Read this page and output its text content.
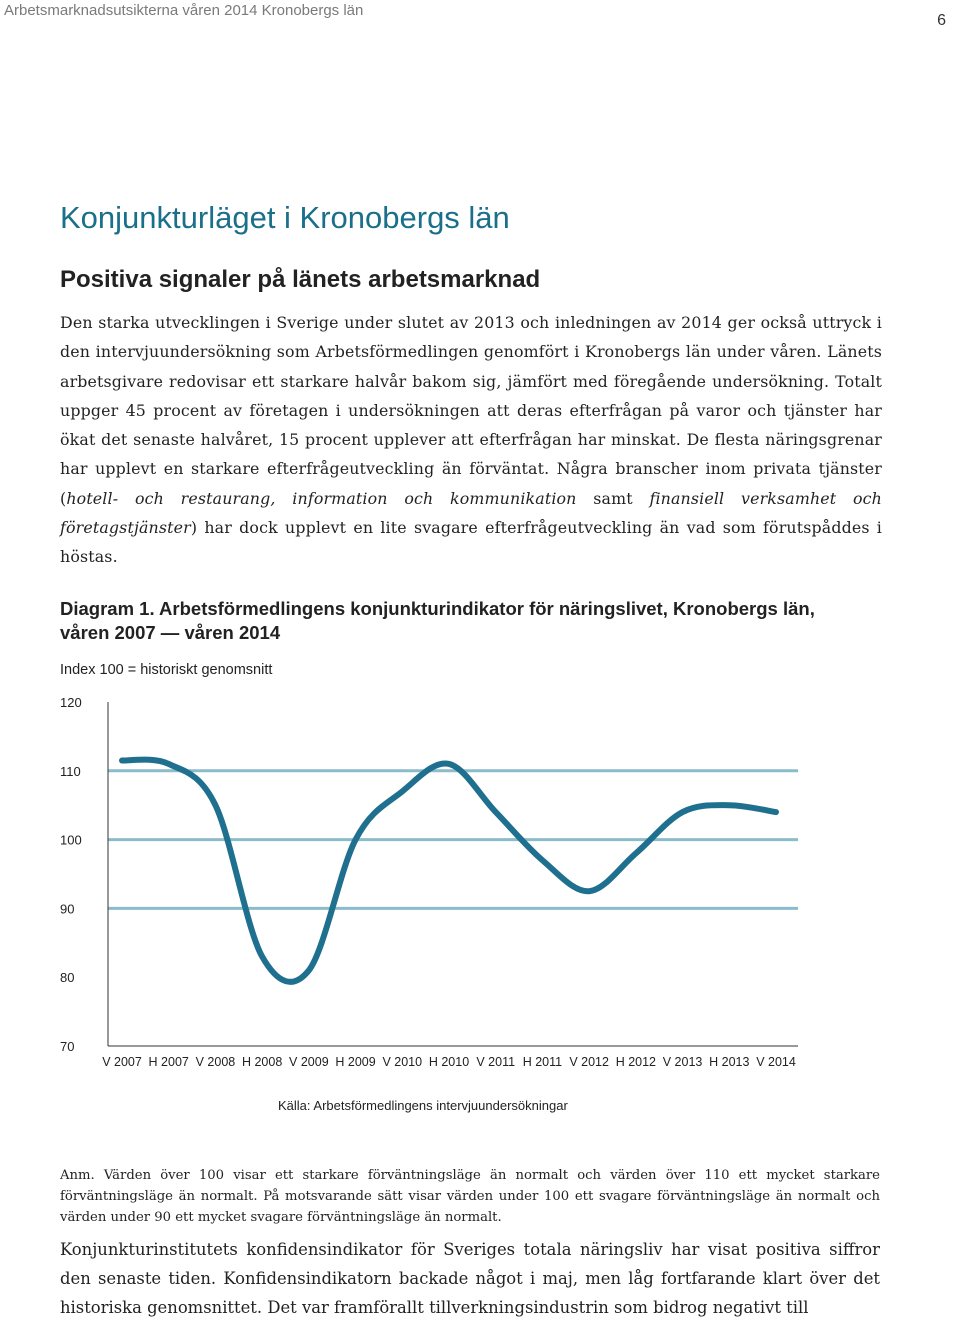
Arbetsmarknadsutsikterna våren 2014 Kronobergs län
6
Konjunkturläget i Kronobergs län
Positiva signaler på länets arbetsmarknad

Den starka utvecklingen i Sverige under slutet av 2013 och inledningen av 2014 ger också uttryck i den intervjuundersökning som Arbetsförmedlingen genomfört i Kronobergs län under våren. Länets arbetsgivare redovisar ett starkare halvår bakom sig, jämfört med föregående undersökning. Totalt uppger 45 procent av företagen i undersökningen att deras efterfrågan på varor och tjänster har ökat det senaste halvåret, 15 procent upplever att efterfrågan har minskat. De flesta näringsgrenar har upplevt en starkare efterfrågeutveckling än förväntat. Några branscher inom privata tjänster (hotell- och restaurang, information och kommunikation samt finansiell verksamhet och företagstjänster) har dock upplevt en lite svagare efterfrågeutveckling än vad som förutspåddes i höstas.

Diagram 1. Arbetsförmedlingens konjunkturindikator för näringslivet, Kronobergs län, våren 2007 — våren 2014

Index 100 = historiskt genomsnitt
120
110
100
90
80
70
V 2007 H 2007 V 2008 H 2008 V 2009 H 2009 V 2010 H 2010 V 2011 H 2011 V 2012 H 2012 V 2013 H 2013 V 2014
Källa: Arbetsförmedlingens intervjuundersökningar

Anm. Värden över 100 visar ett starkare förväntningsläge än normalt och värden över 110 ett mycket starkare förväntningsläge än normalt. På motsvarande sätt visar värden under 100 ett svagare förväntningsläge än normalt och värden under 90 ett mycket svagare förväntningsläge än normalt.

Konjunkturinstitutets konfidensindikator för Sveriges totala näringsliv har visat positiva siffror den senaste tiden. Konfidensindikatorn backade något i maj, men låg fortfarande klart över det historiska genomsnittet. Det var framförallt tillverkningsindustrin som bidrog negativt till
